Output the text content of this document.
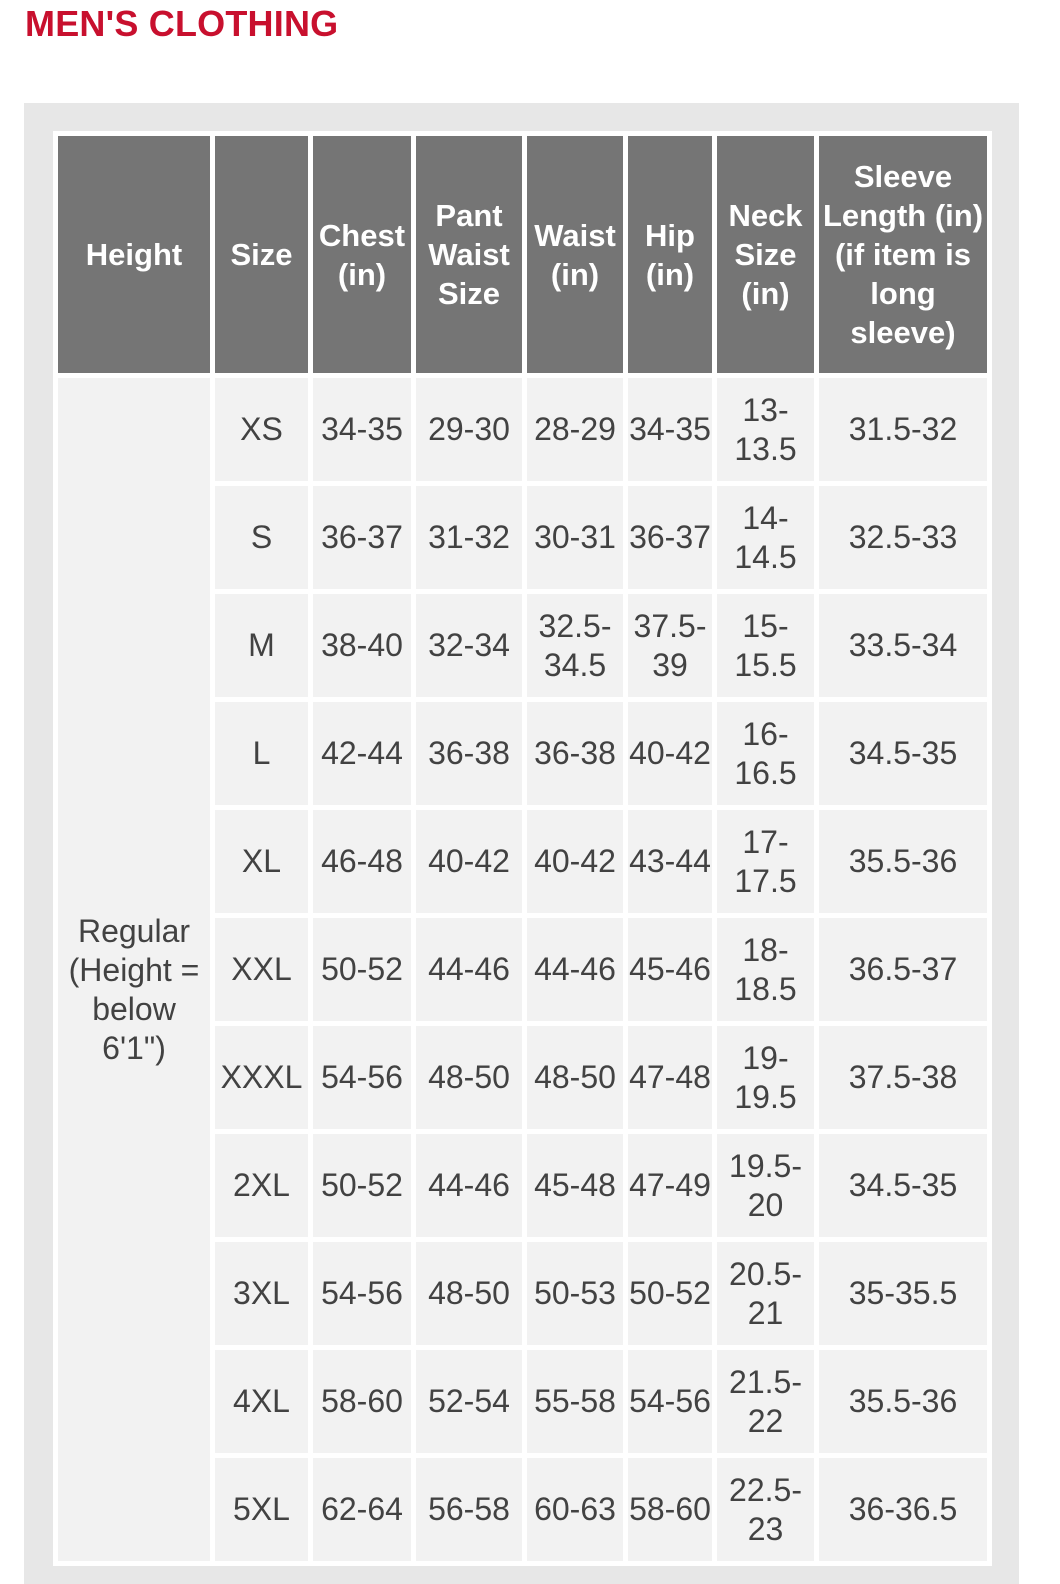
MEN'S CLOTHING
Height	Size	Chest (in)	Pant Waist Size	Waist (in)	Hip (in)	Neck Size (in)	Sleeve Length (in) (if item is long sleeve)
Regular (Height = below 6'1")	XS	34-35	29-30	28-29	34-35	13-13.5	31.5-32
	S	36-37	31-32	30-31	36-37	14-14.5	32.5-33
	M	38-40	32-34	32.5-34.5	37.5-39	15-15.5	33.5-34
	L	42-44	36-38	36-38	40-42	16-16.5	34.5-35
	XL	46-48	40-42	40-42	43-44	17-17.5	35.5-36
	XXL	50-52	44-46	44-46	45-46	18-18.5	36.5-37
	XXXL	54-56	48-50	48-50	47-48	19-19.5	37.5-38
	2XL	50-52	44-46	45-48	47-49	19.5-20	34.5-35
	3XL	54-56	48-50	50-53	50-52	20.5-21	35-35.5
	4XL	58-60	52-54	55-58	54-56	21.5-22	35.5-36
	5XL	62-64	56-58	60-63	58-60	22.5-23	36-36.5
